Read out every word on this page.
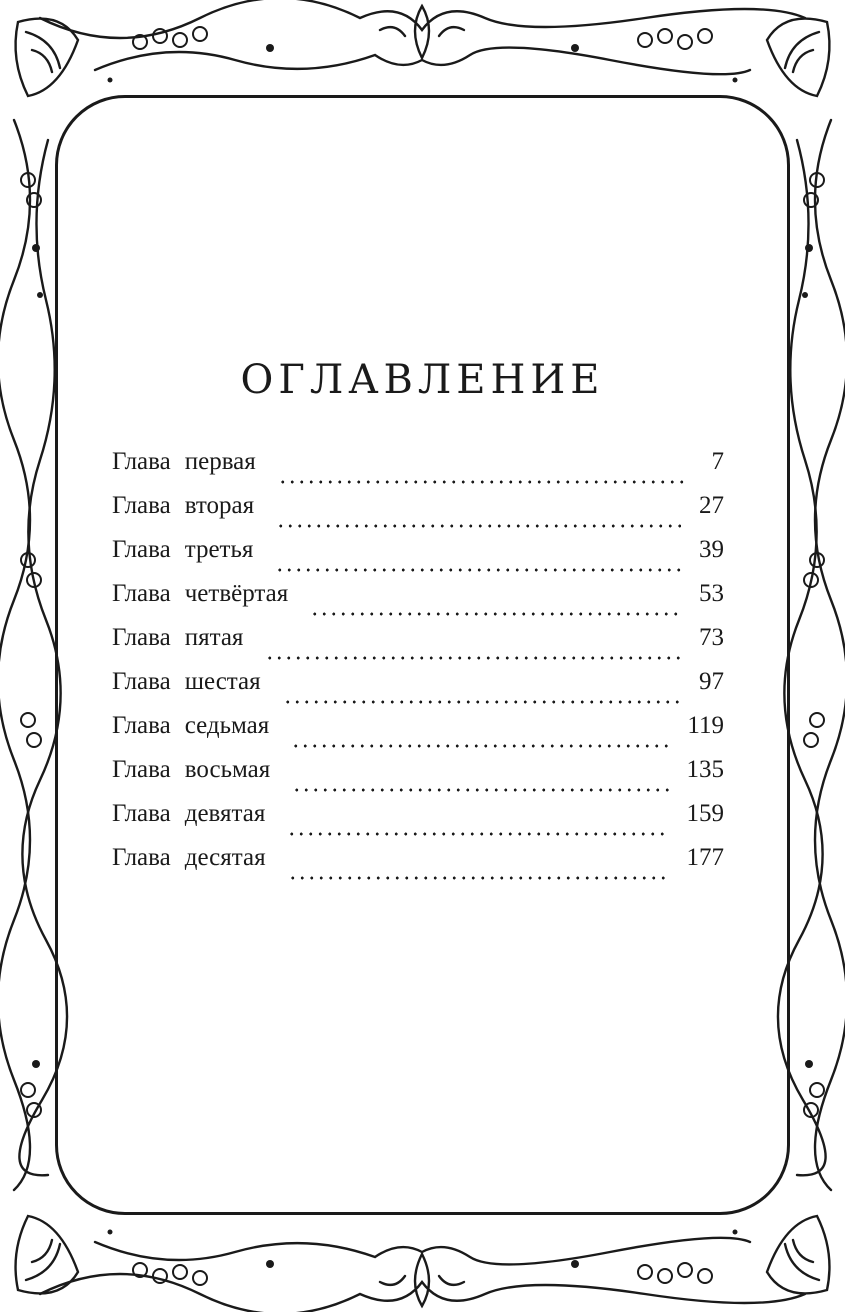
ОГЛАВЛЕНИЕ
Глава первая	7
Глава вторая	27
Глава третья	39
Глава четвёртая	53
Глава пятая	73
Глава шестая	97
Глава седьмая	119
Глава восьмая	135
Глава девятая	159
Глава десятая	177
